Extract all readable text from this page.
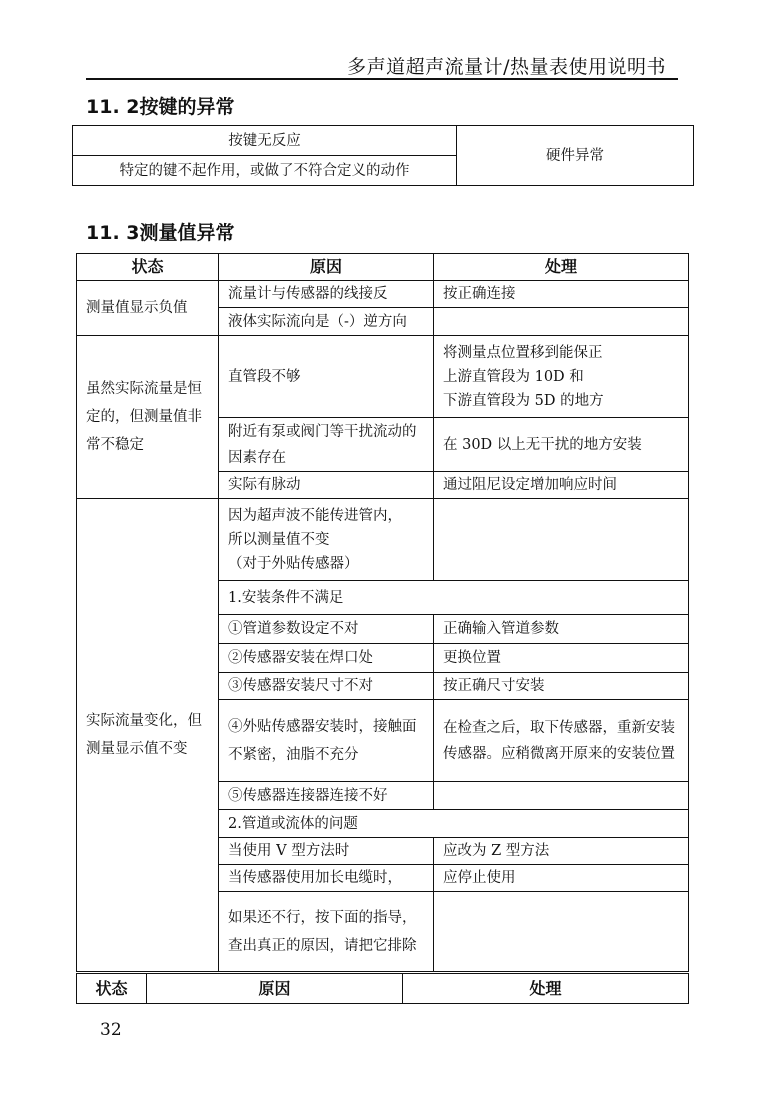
多声道超声流量计/热量表使用说明书
11. 2按键的异常
按键无反应	硬件异常
特定的键不起作用，或做了不符合定义的动作
11. 3测量值异常
状态	原因	处理
测量值显示负值	流量计与传感器的线接反	按正确连接
	液体实际流向是（-）逆方向	
虽然实际流量是恒定的，但测量值非常不稳定	直管段不够	将测量点位置移到能保正
上游直管段为 10D 和
下游直管段为 5D 的地方
	附近有泵或阀门等干扰流动的因素存在	在 30D 以上无干扰的地方安装
	实际有脉动	通过阻尼设定增加响应时间
实际流量变化，但测量显示值不变	因为超声波不能传进管内，
所以测量值不变
（对于外贴传感器）	
	1.安装条件不满足	
	①管道参数设定不对	正确输入管道参数
	②传感器安装在焊口处	更换位置
	③传感器安装尺寸不对	按正确尺寸安装
	④外贴传感器安装时，接触面不紧密，油脂不充分	在检查之后，取下传感器，重新安装传感器。应稍微离开原来的安装位置
	⑤传感器连接器连接不好	
	2.管道或流体的问题	
	当使用 V 型方法时	应改为 Z 型方法
	当传感器使用加长电缆时，	应停止使用
	如果还不行，按下面的指导，查出真正的原因，请把它排除	
状态	原因	处理
32
